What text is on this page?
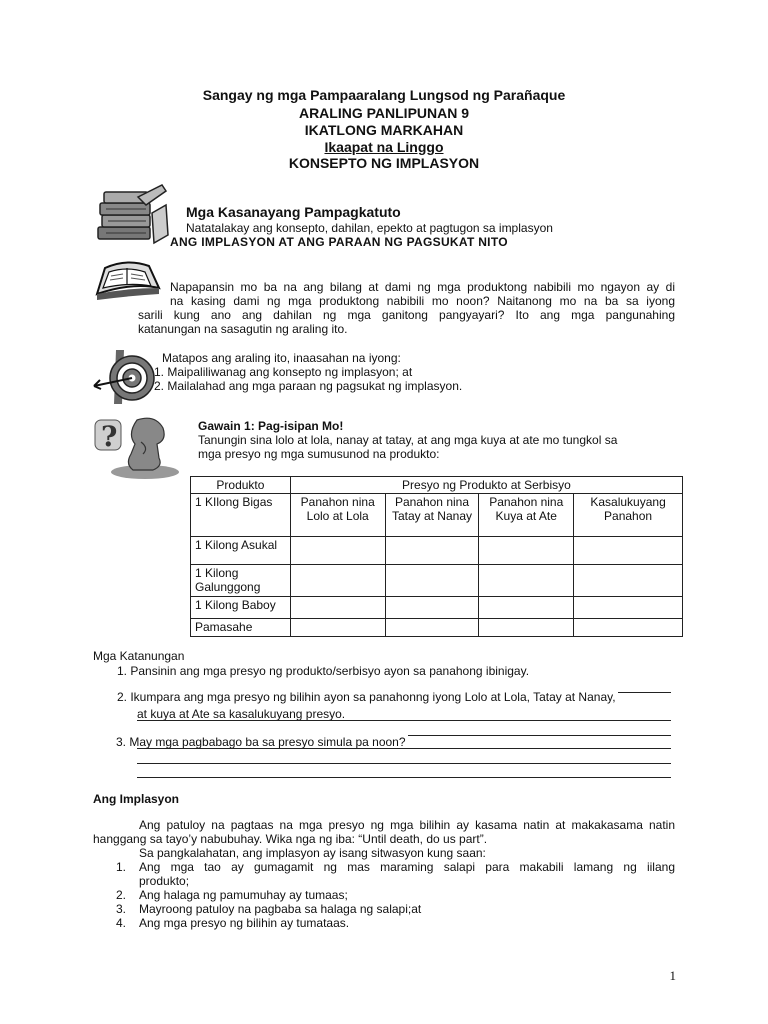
Sangay ng mga Pampaaralang Lungsod ng Parañaque
ARALING PANLIPUNAN 9
IKATLONG MARKAHAN
Ikaapat na Linggo
KONSEPTO NG IMPLASYON
Mga Kasanayang Pampagkatuto
Natatalakay ang konsepto, dahilan, epekto at pagtugon sa implasyon
ANG IMPLASYON AT ANG PARAAN NG PAGSUKAT NITO
Napapansin mo ba na ang bilang at dami ng mga produktong nabibili mo ngayon ay di
na kasing dami ng mga produktong nabibili mo noon? Naitanong mo na ba sa iyong
sarili kung ano ang dahilan ng mga ganitong pangyayari? Ito ang mga pangunahing
katanungan na sasagutin ng araling ito.
Matapos ang araling ito, inaasahan na iyong:
1. Maipaliliwanag ang konsepto ng implasyon; at
2. Mailalahad ang mga paraan ng pagsukat ng implasyon.
?	Gawain 1: Pag-isipan Mo!
Tanungin sina lolo at lola, nanay at tatay, at ang mga kuya at ate mo tungkol sa
mga presyo ng mga sumusunod na produkto:
Produkto	Presyo ng Produkto at Serbisyo			
1 KIlong Bigas	Panahon nina Lolo at Lola	Panahon nina Tatay at Nanay	Panahon nina Kuya at Ate	Kasalukuyang Panahon
1 Kilong Asukal				
1 Kilong Galunggong				
1 Kilong Baboy				
Pamasahe				
Mga Katanungan
1. Pansinin ang mga presyo ng produkto/serbisyo ayon sa panahong ibinigay.
2. Ikumpara ang mga presyo ng bilihin ayon sa panahonng iyong Lolo at Lola, Tatay at Nanay,
at kuya at Ate sa kasalukuyang presyo.
3. May mga pagbabago ba sa presyo simula pa noon?
Ang Implasyon
Ang patuloy na pagtaas na mga presyo ng mga bilihin ay kasama natin at makakasama natin
hanggang sa tayo’y nabubuhay. Wika nga ng iba: “Until death, do us part”.
Sa pangkalahatan, ang implasyon ay isang sitwasyon kung saan:
1. Ang mga tao ay gumagamit ng mas maraming salapi para makabili lamang ng iilang
produkto;
2. Ang halaga ng pamumuhay ay tumaas;
3. Mayroong patuloy na pagbaba sa halaga ng salapi;at
4. Ang mga presyo ng bilihin ay tumataas.
1
